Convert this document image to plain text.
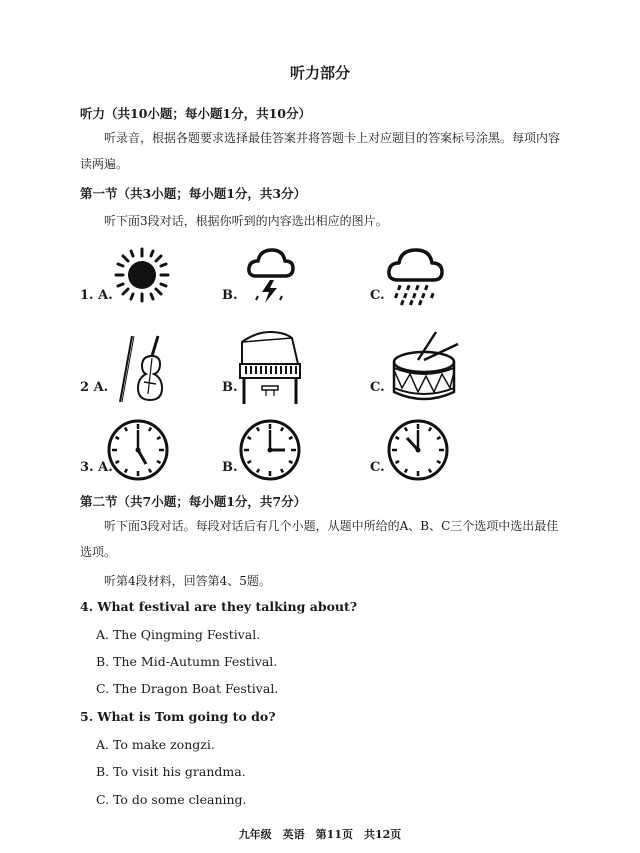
听力部分
听力（共10小题；每小题1分，共10分）
听录音，根据各题要求选择最佳答案并将答题卡上对应题目的答案标号涂黑。每项内容读两遍。
第一节（共3小题；每小题1分，共3分）
听下面3段对话，根据你听到的内容选出相应的图片。
1. A.	B.	C.
2 A.	B.	C.
3. A.	B.	C.
第二节（共7小题；每小题1分，共7分）
听下面3段对话。每段对话后有几个小题，从题中所给的A、B、C三个选项中选出最佳选项。
听第4段材料，回答第4、5题。
4. What festival are they talking about?
A. The Qingming Festival.
B. The Mid-Autumn Festival.
C. The Dragon Boat Festival.
5. What is Tom going to do?
A. To make zongzi.
B. To visit his grandma.
C. To do some cleaning.
九年级　英语　第11页　共12页
